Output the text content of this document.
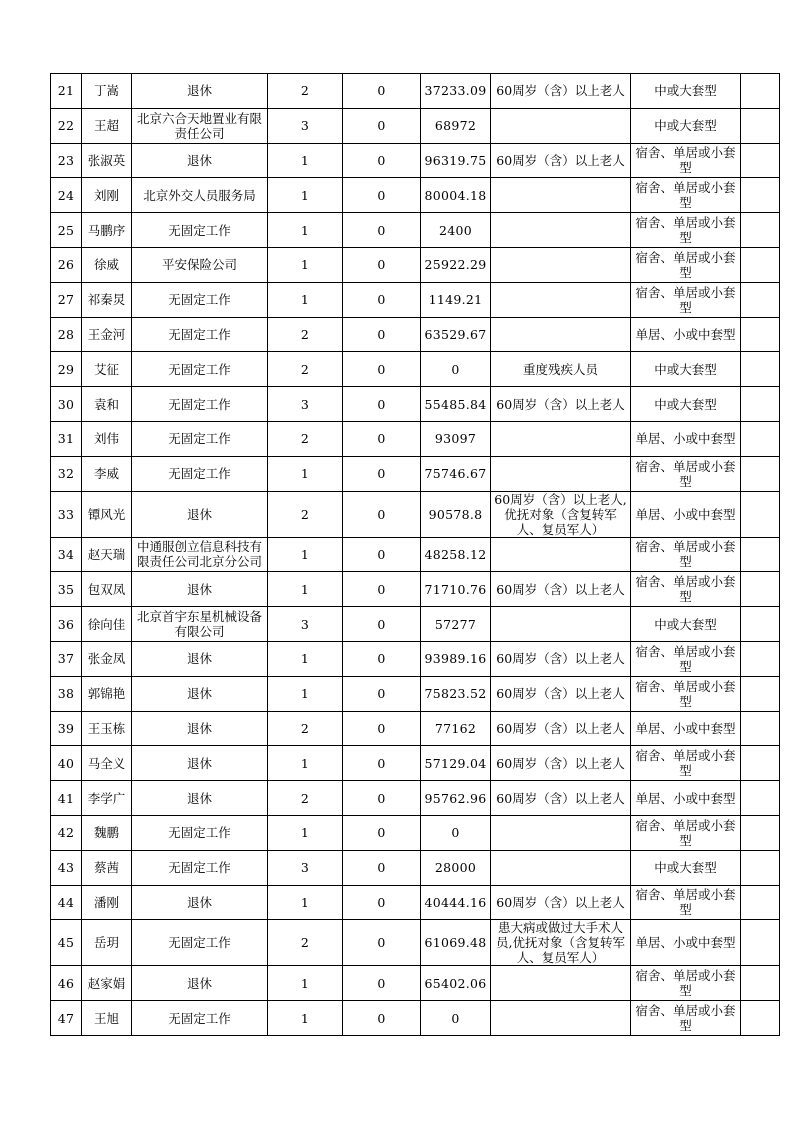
21	丁嵩	退休	2	0	37233.09	60周岁（含）以上老人	中或大套型	
22	王超	北京六合天地置业有限责任公司	3	0	68972		中或大套型	
23	张淑英	退休	1	0	96319.75	60周岁（含）以上老人	宿舍、单居或小套型	
24	刘刚	北京外交人员服务局	1	0	80004.18		宿舍、单居或小套型	
25	马鹏序	无固定工作	1	0	2400		宿舍、单居或小套型	
26	徐威	平安保险公司	1	0	25922.29		宿舍、单居或小套型	
27	祁秦炅	无固定工作	1	0	1149.21		宿舍、单居或小套型	
28	王金河	无固定工作	2	0	63529.67		单居、小或中套型	
29	艾征	无固定工作	2	0	0	重度残疾人员	中或大套型	
30	袁和	无固定工作	3	0	55485.84	60周岁（含）以上老人	中或大套型	
31	刘伟	无固定工作	2	0	93097		单居、小或中套型	
32	李威	无固定工作	1	0	75746.67		宿舍、单居或小套型	
33	镡风光	退休	2	0	90578.8	60周岁（含）以上老人,优抚对象（含复转军人、复员军人）	单居、小或中套型	
34	赵天瑞	中通服创立信息科技有限责任公司北京分公司	1	0	48258.12		宿舍、单居或小套型	
35	包双凤	退休	1	0	71710.76	60周岁（含）以上老人	宿舍、单居或小套型	
36	徐向佳	北京首宇东星机械设备有限公司	3	0	57277		中或大套型	
37	张金凤	退休	1	0	93989.16	60周岁（含）以上老人	宿舍、单居或小套型	
38	郭锦艳	退休	1	0	75823.52	60周岁（含）以上老人	宿舍、单居或小套型	
39	王玉栋	退休	2	0	77162	60周岁（含）以上老人	单居、小或中套型	
40	马全义	退休	1	0	57129.04	60周岁（含）以上老人	宿舍、单居或小套型	
41	李学广	退休	2	0	95762.96	60周岁（含）以上老人	单居、小或中套型	
42	魏鹏	无固定工作	1	0	0		宿舍、单居或小套型	
43	蔡茜	无固定工作	3	0	28000		中或大套型	
44	潘刚	退休	1	0	40444.16	60周岁（含）以上老人	宿舍、单居或小套型	
45	岳玥	无固定工作	2	0	61069.48	患大病或做过大手术人员,优抚对象（含复转军人、复员军人）	单居、小或中套型	
46	赵家娟	退休	1	0	65402.06		宿舍、单居或小套型	
47	王旭	无固定工作	1	0	0		宿舍、单居或小套型	
